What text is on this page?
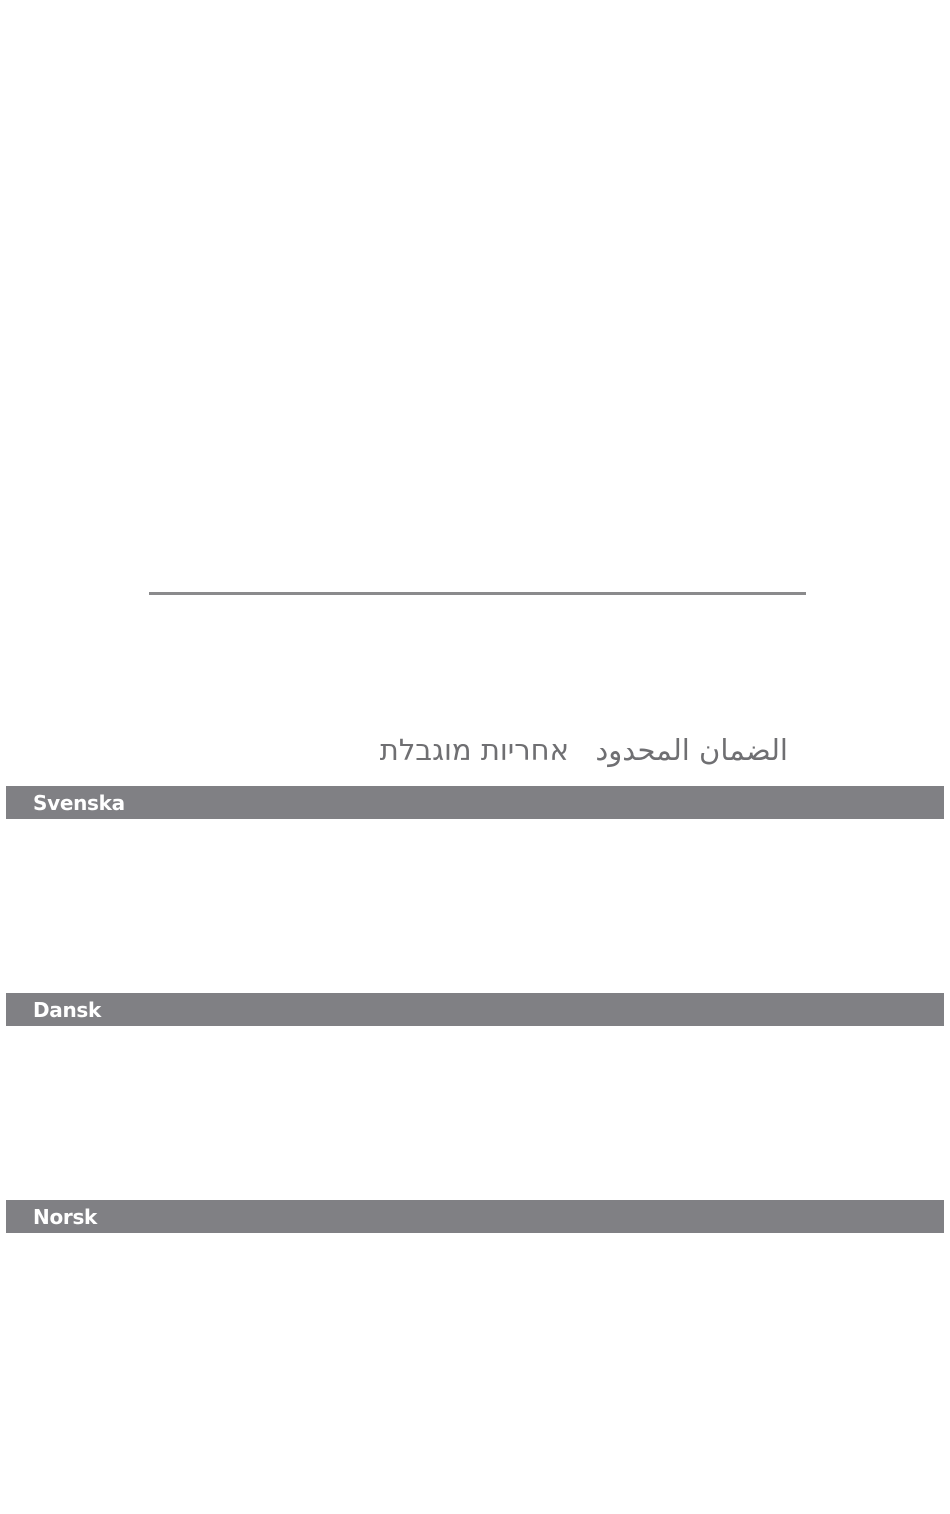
الضمان المحدود
אחריות מוגבלת
Svenska
Dansk
Norsk
